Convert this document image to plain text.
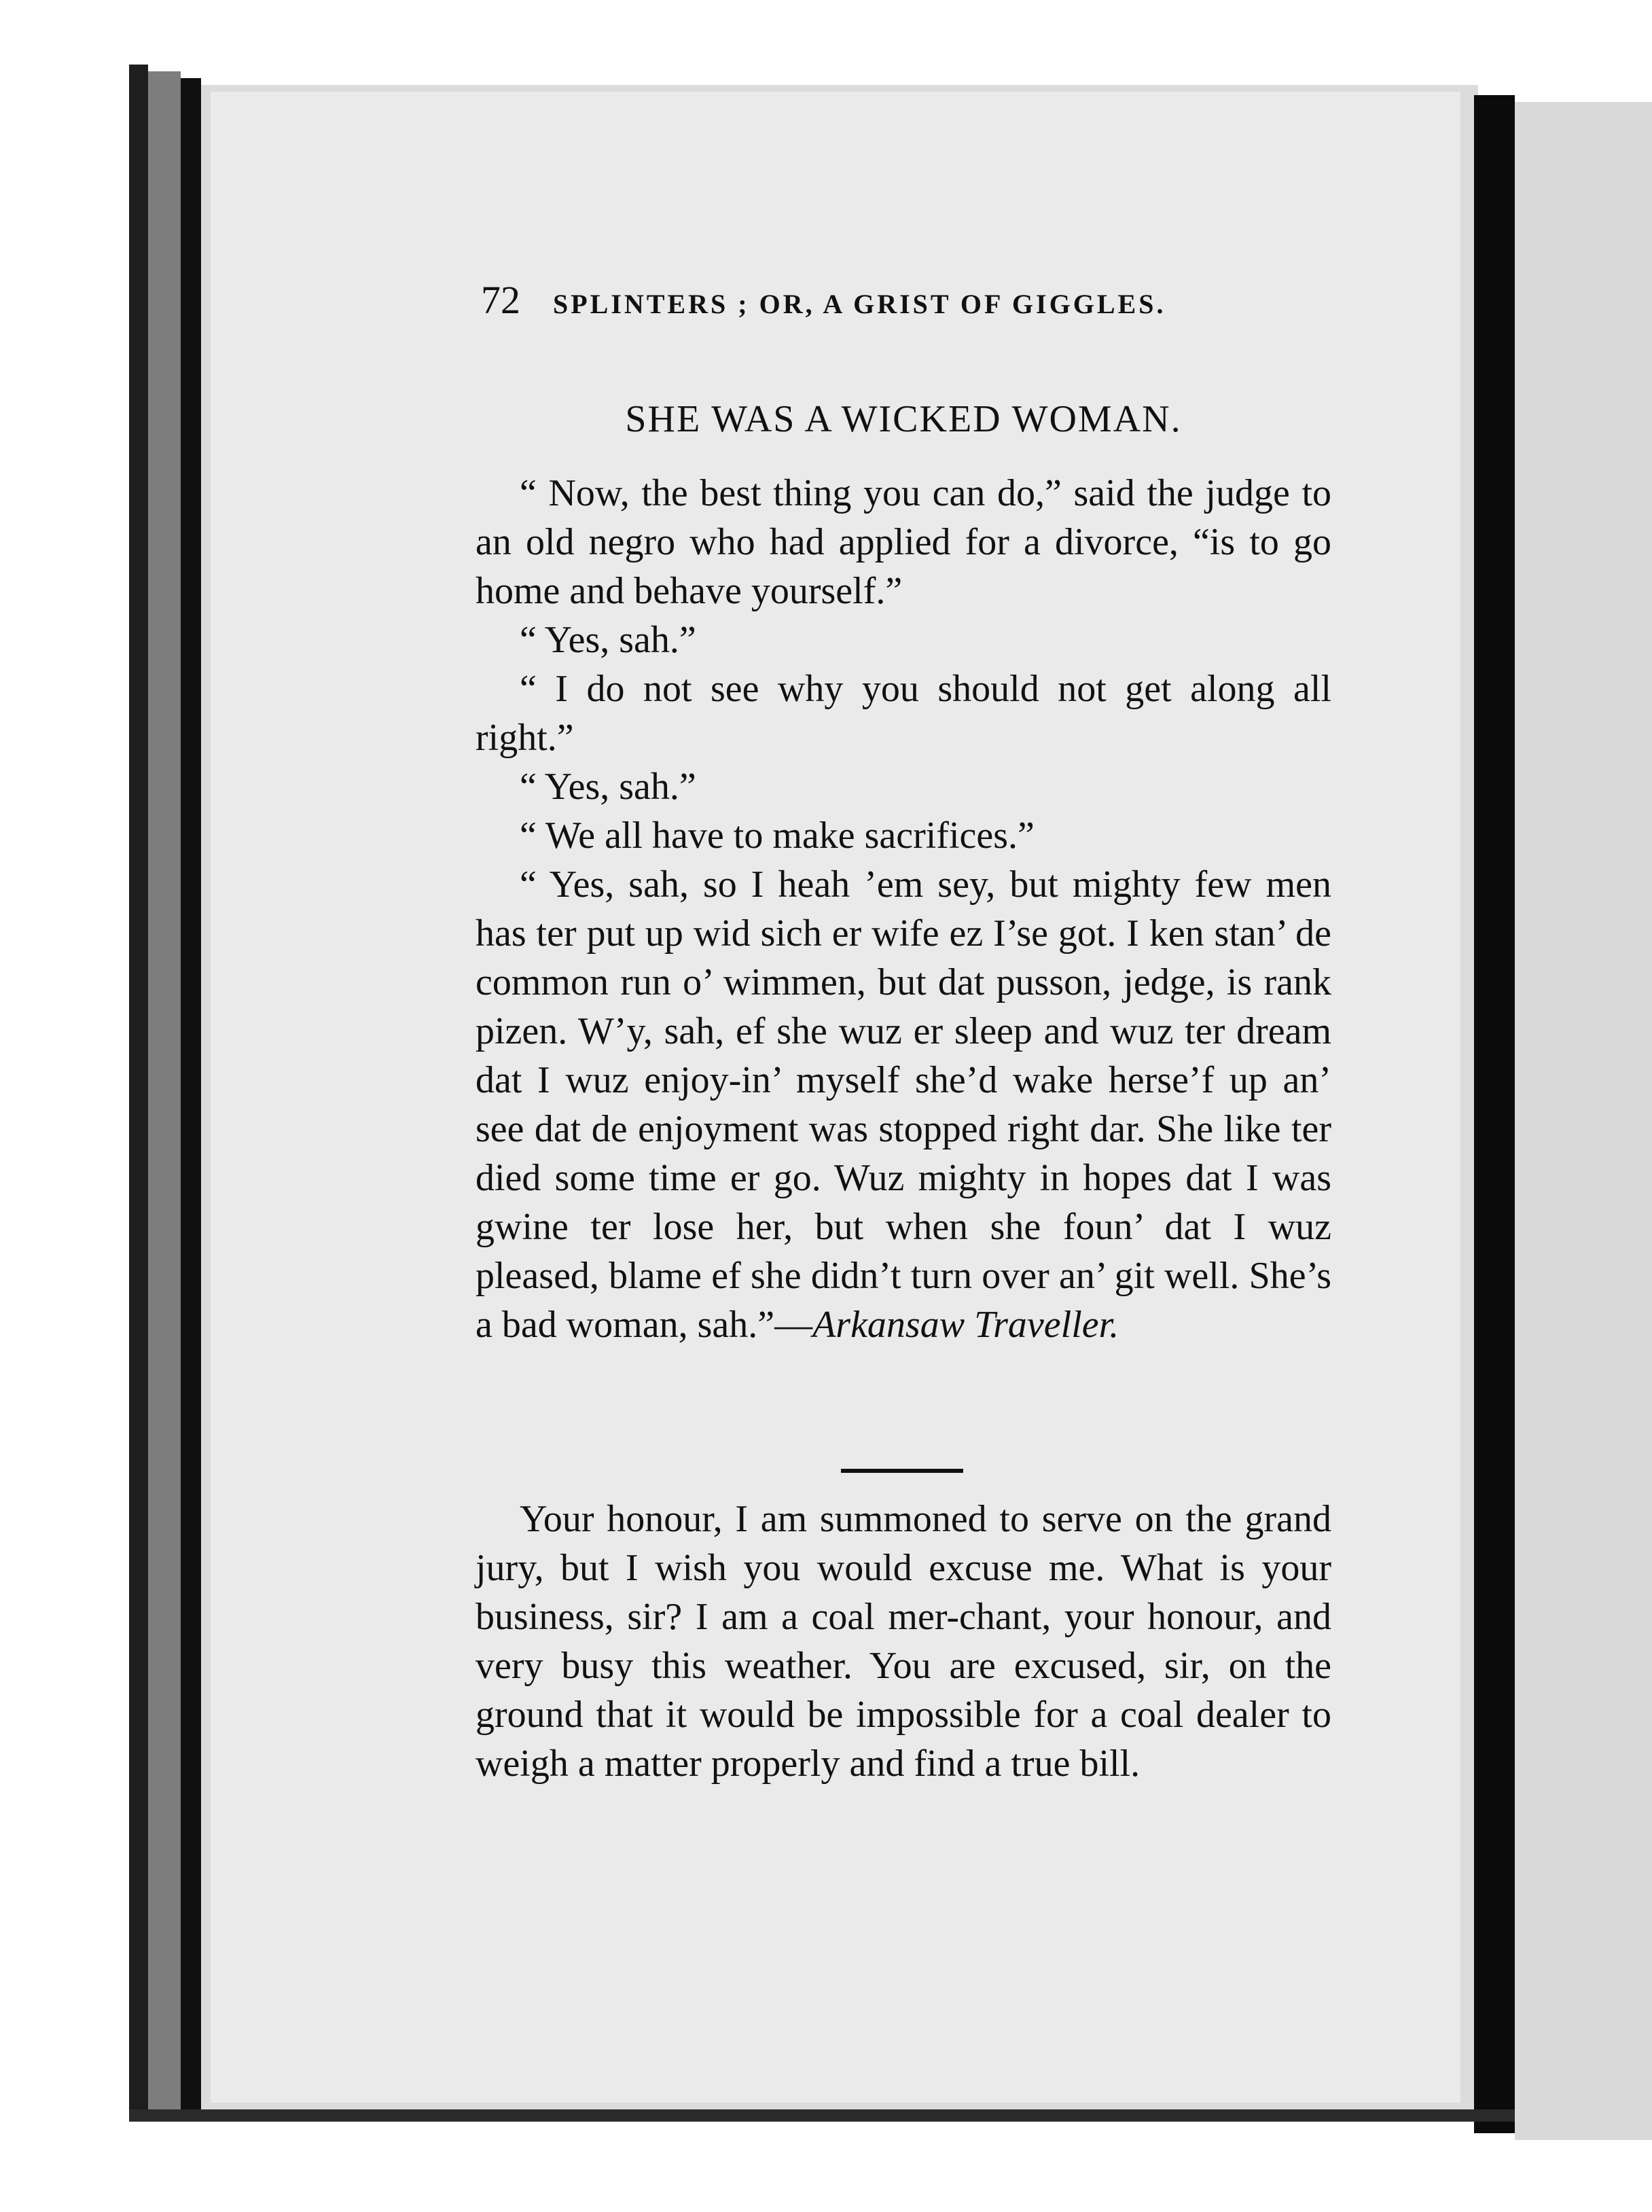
72 SPLINTERS ; OR, A GRIST OF GIGGLES.
SHE WAS A WICKED WOMAN.

“ Now, the best thing you can do,” said the judge to an old negro who had applied for a divorce, “is to go home and behave yourself.”

“ Yes, sah.”

“ I do not see why you should not get along all right.”

“ Yes, sah.”

“ We all have to make sacrifices.”

“ Yes, sah, so I heah ’em sey, but mighty few men has ter put up wid sich er wife ez I’se got. I ken stan’ de common run o’ wimmen, but dat pusson, jedge, is rank pizen. W’y, sah, ef she wuz er sleep and wuz ter dream dat I wuz enjoy-in’ myself she’d wake herse’f up an’ see dat de enjoyment was stopped right dar. She like ter died some time er go. Wuz mighty in hopes dat I was gwine ter lose her, but when she foun’ dat I wuz pleased, blame ef she didn’t turn over an’ git well. She’s a bad woman, sah.”—Arkansaw Traveller.

Your honour, I am summoned to serve on the grand jury, but I wish you would excuse me. What is your business, sir? I am a coal mer-chant, your honour, and very busy this weather. You are excused, sir, on the ground that it would be impossible for a coal dealer to weigh a matter properly and find a true bill.
